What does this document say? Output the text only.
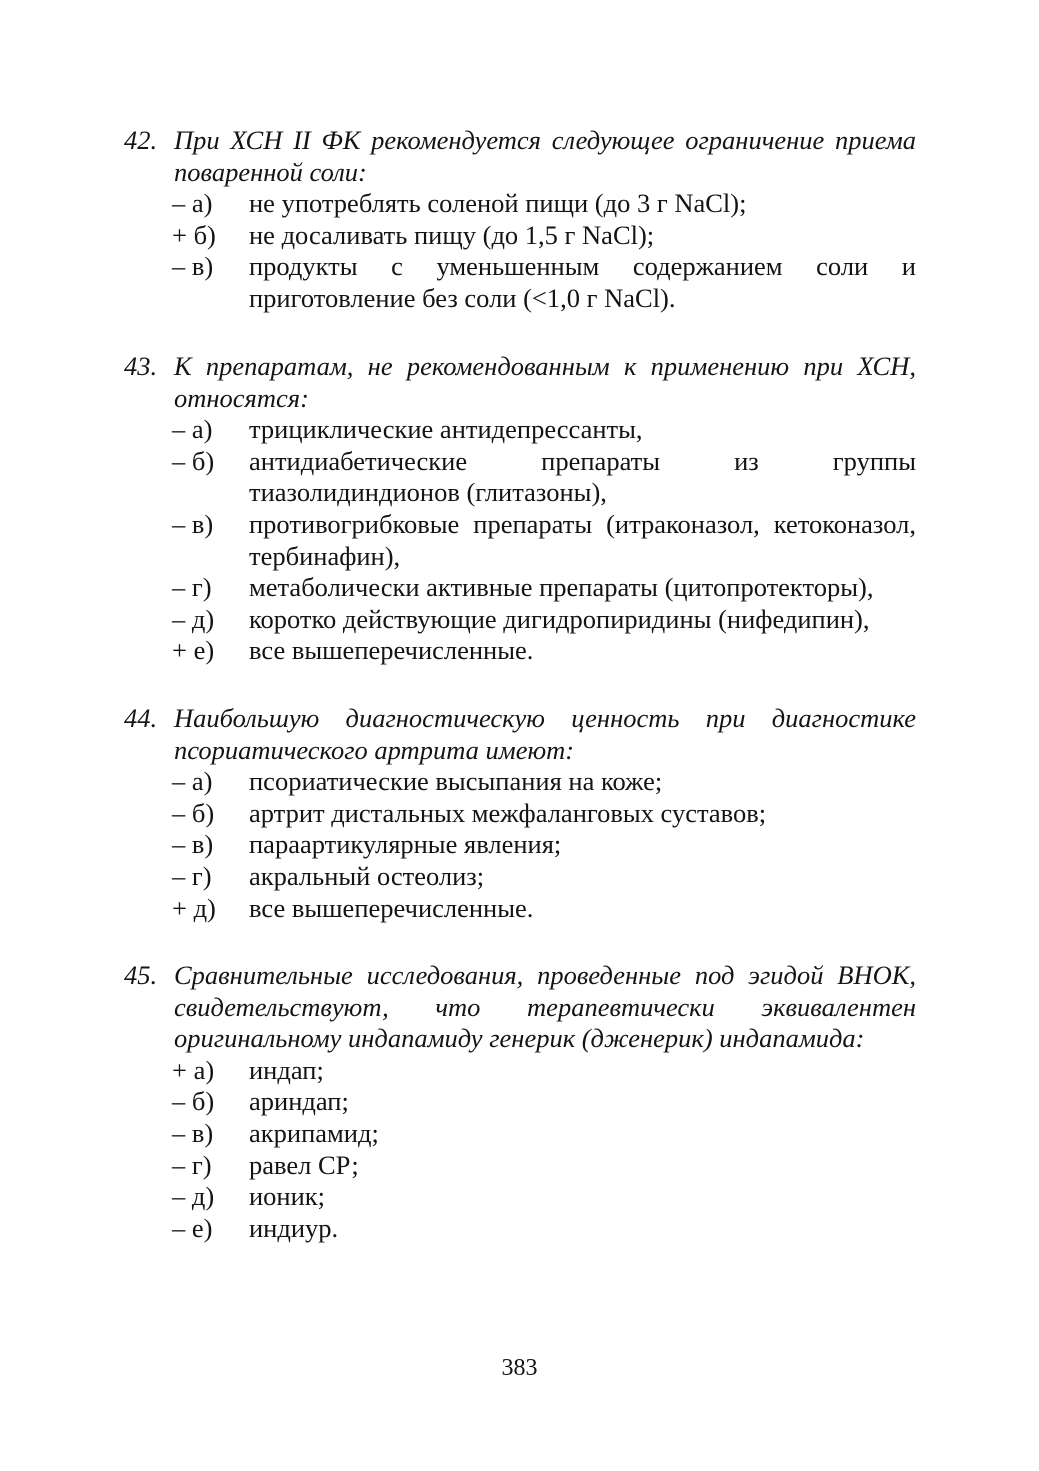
42. При ХСН II ФК рекомендуется следующее ограничение приема поваренной соли:
– а)	не употреблять соленой пищи (до 3 г NaCl);
+ б)	не досаливать пищу (до 1,5 г NaCl);
– в)	продукты с уменьшенным содержанием соли и приготовление без соли (<1,0 г NaCl).
43. К препаратам, не рекомендованным к применению при ХСН, относятся:
– а)	трициклические антидепрессанты,
– б)	антидиабетические препараты из группы тиазолидиндионов (глитазоны),
– в)	противогрибковые препараты (итраконазол, кетоконазол, тербинафин),
– г)	метаболически активные препараты (цитопротекторы),
– д)	коротко действующие дигидропиридины (нифедипин),
+ е)	все вышеперечисленные.
44. Наибольшую диагностическую ценность при диагностике псориатического артрита имеют:
– а)	псориатические высыпания на коже;
– б)	артрит дистальных межфаланговых суставов;
– в)	параартикулярные явления;
– г)	акральный остеолиз;
+ д)	все вышеперечисленные.
45. Сравнительные исследования, проведенные под эгидой ВНОК, свидетельствуют, что терапевтически эквивалентен оригинальному индапамиду генерик (дженерик) индапамида:
+ а)	индап;
– б)	ариндап;
– в)	акрипамид;
– г)	равел СР;
– д)	ионик;
– е)	индиур.
383
